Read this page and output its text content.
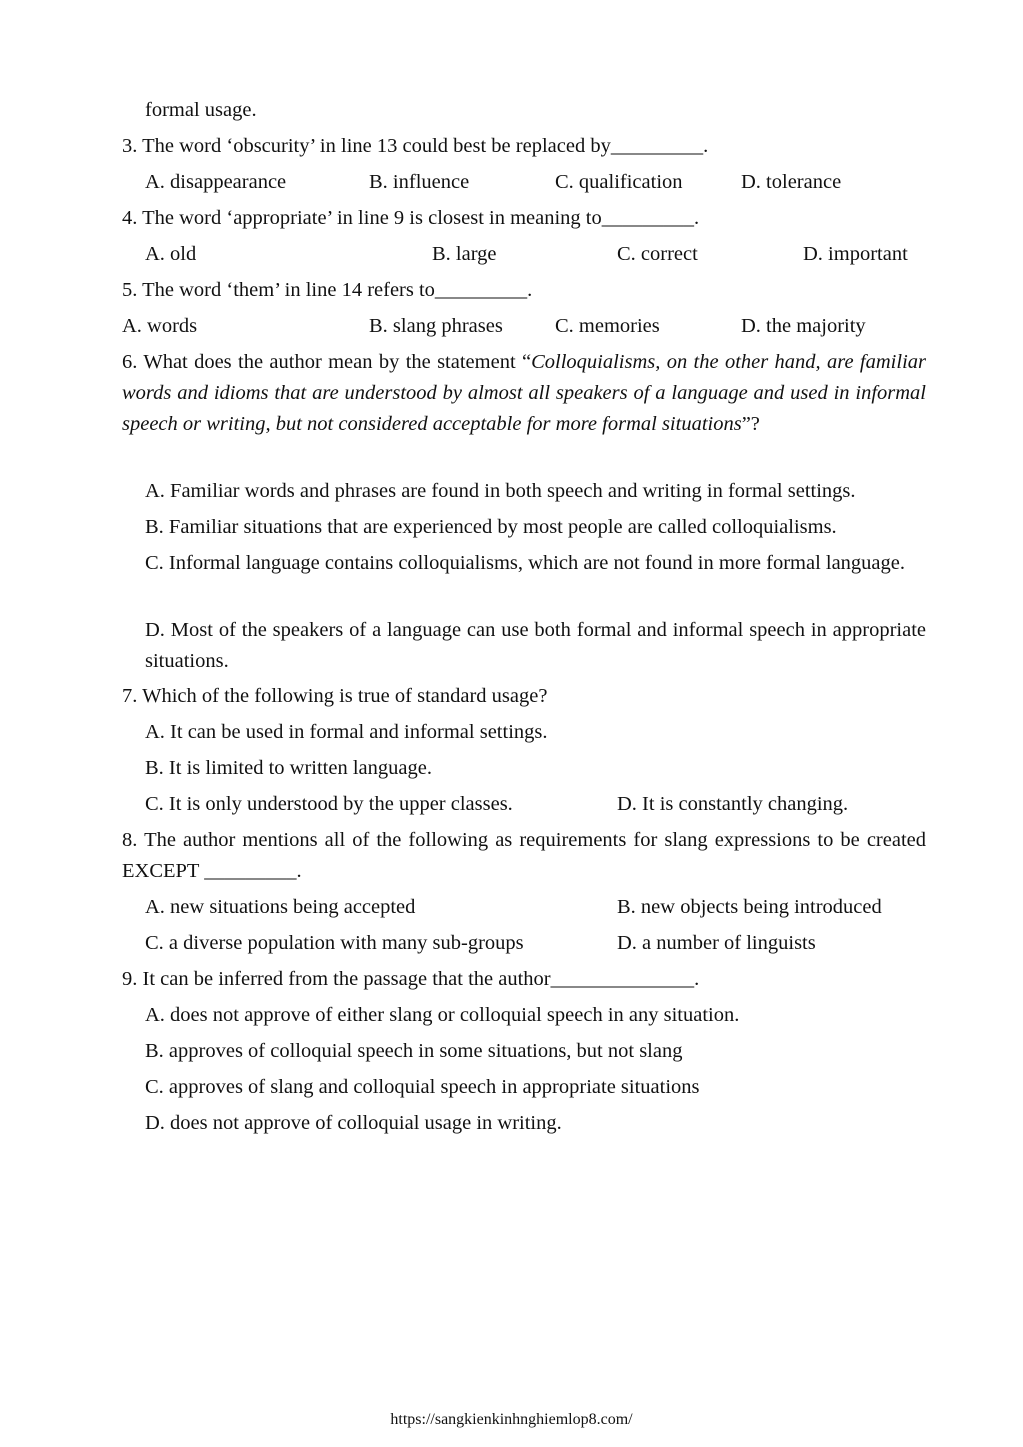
formal usage.
3. The word ‘obscurity’ in line 13 could best be replaced by_________.
A. disappearance	B. influence	C. qualification	D. tolerance
4. The word ‘appropriate’ in line 9 is closest in meaning to_________.
A. old	B. large	C. correct	D. important
5. The word ‘them’ in line 14 refers to_________.
A. words	B. slang phrases	C. memories	D. the majority
6. What does the author mean by the statement “Colloquialisms, on the other hand, are familiar words and idioms that are understood by almost all speakers of a language and used in informal speech or writing, but not considered acceptable for more formal situations”?
A. Familiar words and phrases are found in both speech and writing in formal settings.
B. Familiar situations that are experienced by most people are called colloquialisms.
C. Informal language contains colloquialisms, which are not found in more formal language.
D. Most of the speakers of a language can use both formal and informal speech in appropriate situations.
7. Which of the following is true of standard usage?
A. It can be used in formal and informal settings.
B. It is limited to written language.
C. It is only understood by the upper classes.	D. It is constantly changing.
8. The author mentions all of the following as requirements for slang expressions to be created EXCEPT _________.
A. new situations being accepted	B. new objects being introduced
C. a diverse population with many sub-groups	D. a number of linguists
9. It can be inferred from the passage that the author______________.
A. does not approve of either slang or colloquial speech in any situation.
B. approves of colloquial speech in some situations, but not slang
C. approves of slang and colloquial speech in appropriate situations
D. does not approve of colloquial usage in writing.
https://sangkienkinhnghiemlop8.com/
